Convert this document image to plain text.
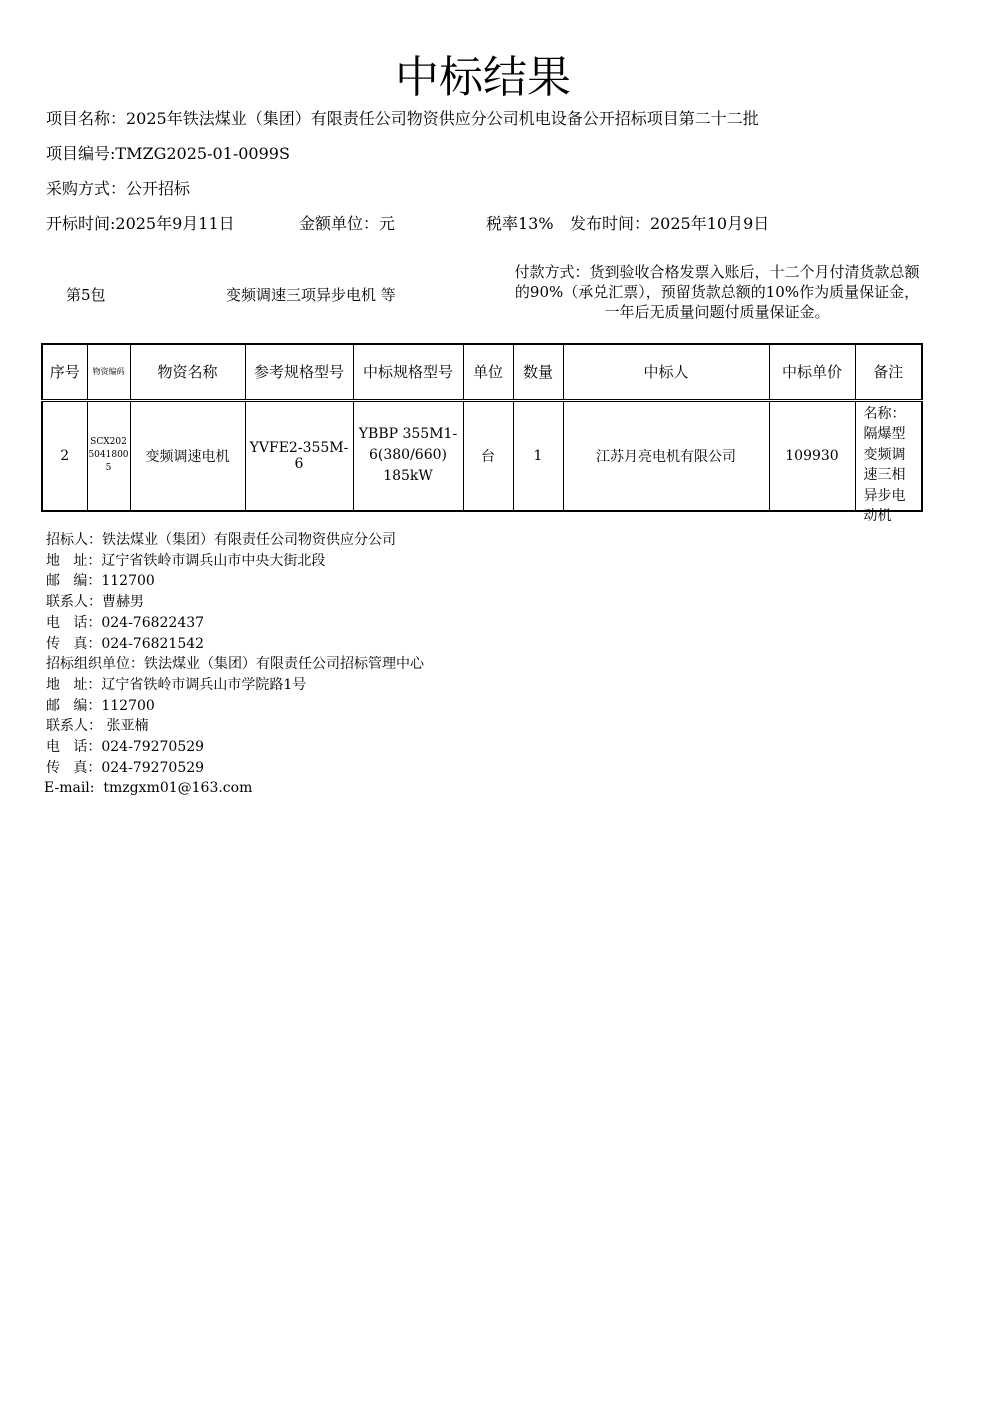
中标结果
项目名称：2025年铁法煤业（集团）有限责任公司物资供应分公司机电设备公开招标项目第二十二批
项目编号:TMZG2025-01-0099S
采购方式：公开招标
开标时间:2025年9月11日	金额单位：元	税率13% 发布时间：2025年10月9日
第5包	变频调速三项异步电机 等
付款方式：货到验收合格发票入账后，十二个月付清货款总额的90%（承兑汇票），预留货款总额的10%作为质量保证金，一年后无质量问题付质量保证金。
序号	物资编码	物资名称	参考规格型号	中标规格型号	单位	数量	中标人	中标单价	备注
2	SCX20250418005	变频调速电机	YVFE2-355M-6	YBBP 355M1-6(380/660) 185kW	台	1	江苏月亮电机有限公司	109930	名称：隔爆型变频调速三相异步电动机
招标人：铁法煤业（集团）有限责任公司物资供应分公司
地   址：辽宁省铁岭市调兵山市中央大街北段
邮   编：112700
联系人：曹赫男
电   话：024-76822437
传   真：024-76821542
招标组织单位：铁法煤业（集团）有限责任公司招标管理中心
地   址：辽宁省铁岭市调兵山市学院路1号
邮   编：112700
联系人： 张亚楠
电   话：024-79270529
传   真：024-79270529
E-mail:  tmzgxm01@163.com
